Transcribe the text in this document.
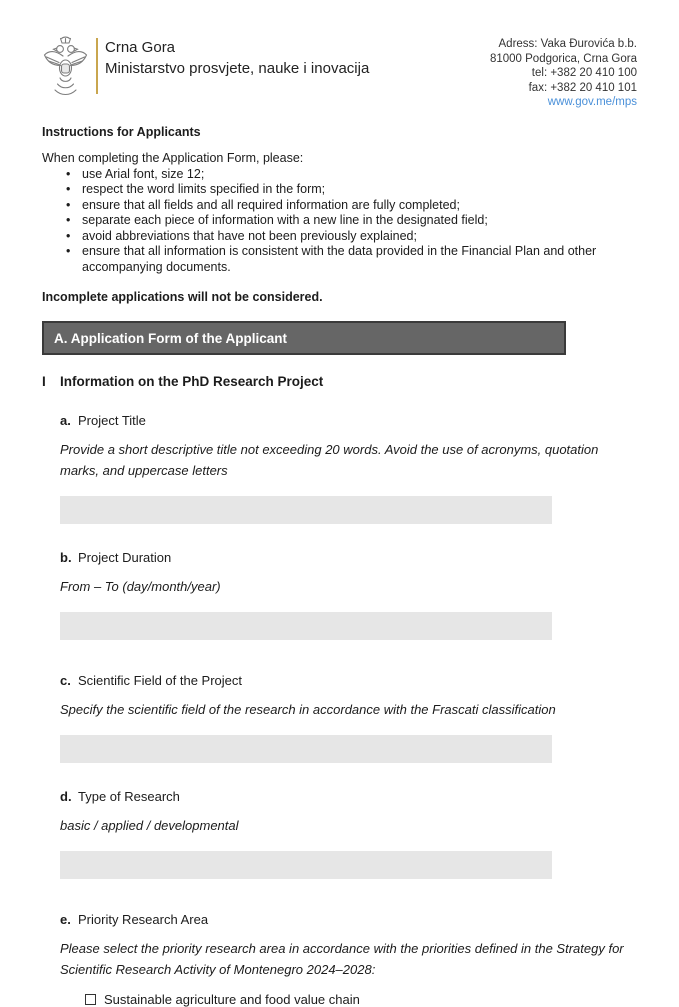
Crna Gora
Ministarstvo prosvjete, nauke i inovacija
Adress: Vaka Đurovića b.b.
81000 Podgorica, Crna Gora
tel: +382 20 410 100
fax: +382 20 410 101
www.gov.me/mps
Instructions for Applicants
When completing the Application Form, please:
• use Arial font, size 12;
• respect the word limits specified in the form;
• ensure that all fields and all required information are fully completed;
• separate each piece of information with a new line in the designated field;
• avoid abbreviations that have not been previously explained;
• ensure that all information is consistent with the data provided in the Financial Plan and other accompanying documents.
Incomplete applications will not be considered.
A. Application Form of the Applicant
I	Information on the PhD Research Project
a. Project Title
Provide a short descriptive title not exceeding 20 words. Avoid the use of acronyms, quotation marks, and uppercase letters
b. Project Duration
From – To (day/month/year)
c. Scientific Field of the Project
Specify the scientific field of the research in accordance with the Frascati classification
d. Type of Research
basic / applied / developmental
e. Priority Research Area
Please select the priority research area in accordance with the priorities defined in the Strategy for Scientific Research Activity of Montenegro 2024–2028:
Sustainable agriculture and food value chain
